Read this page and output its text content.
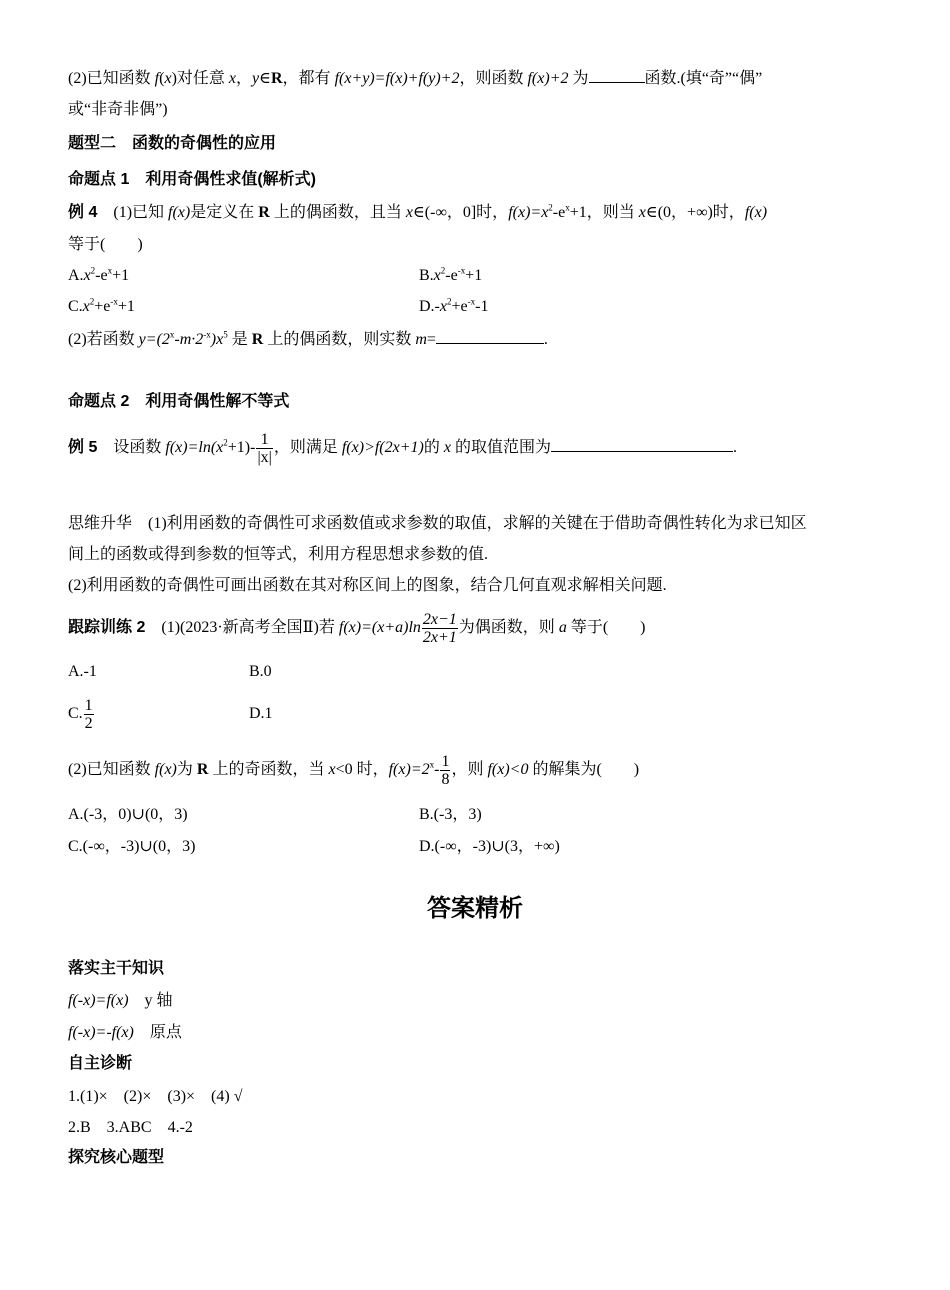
(2)已知函数 f(x)对任意 x，y∈R，都有 f(x+y)=f(x)+f(y)+2，则函数 f(x)+2 为	函数.(填“奇”“偶”
或“非奇非偶”)
题型二　函数的奇偶性的应用
命题点 1　利用奇偶性求值(解析式)
例 4　(1)已知 f(x)是定义在 R 上的偶函数，且当 x∈(-∞，0]时，$f(x)=x^2-e^x+1$，则当 x∈(0，+∞)时，f(x)
等于(　　)
$A.x^2-e^x+1$	$B.x^2-e^{-x}+1$
$C.x^2+e^{-x}+1$	$D.-x^2+e^{-x}-1$
(2)若函数 $y=(2^x-m\cdot 2^{-x})x^5$ 是 R 上的偶函数，则实数 m=	.
命题点 2　利用奇偶性解不等式
例 5　设函数 $f(x)=\ln(x^2+1)- \frac{1}{|x|}$ ，则满足 f(x)>f(2x+1)的 x 的取值范围为	.
思维升华　(1)利用函数的奇偶性可求函数值或求参数的取值，求解的关键在于借助奇偶性转化为求已知区
间上的函数或得到参数的恒等式，利用方程思想求参数的值.
(2)利用函数的奇偶性可画出函数在其对称区间上的图象，结合几何直观求解相关问题.
跟踪训练 2　(1)(2023·新高考全国Ⅱ)若 $f(x)=(x+a)\ln \frac{2x-1}{2x+1}$ 为偶函数，则 a 等于(　　)
A.-1	B.0
C. $\frac{1}{2}$	D.1
(2)已知函数 f(x)为 R 上的奇函数，当 x<0 时，$f(x)=2^x- \frac{1}{8}$ ，则 f(x)<0 的解集为(　　)
A.(-3，0)∪(0，3)	B.(-3，3)
C.(-∞，-3)∪(0，3)	D.(-∞，-3)∪(3，+∞)
答案精析
落实主干知识
f(-x)=f(x)　y 轴
f(-x)=-f(x)　原点
自主诊断
1.(1)×　(2)×　(3)×　(4) √
2.B　3.ABC　4.-2
探究核心题型
